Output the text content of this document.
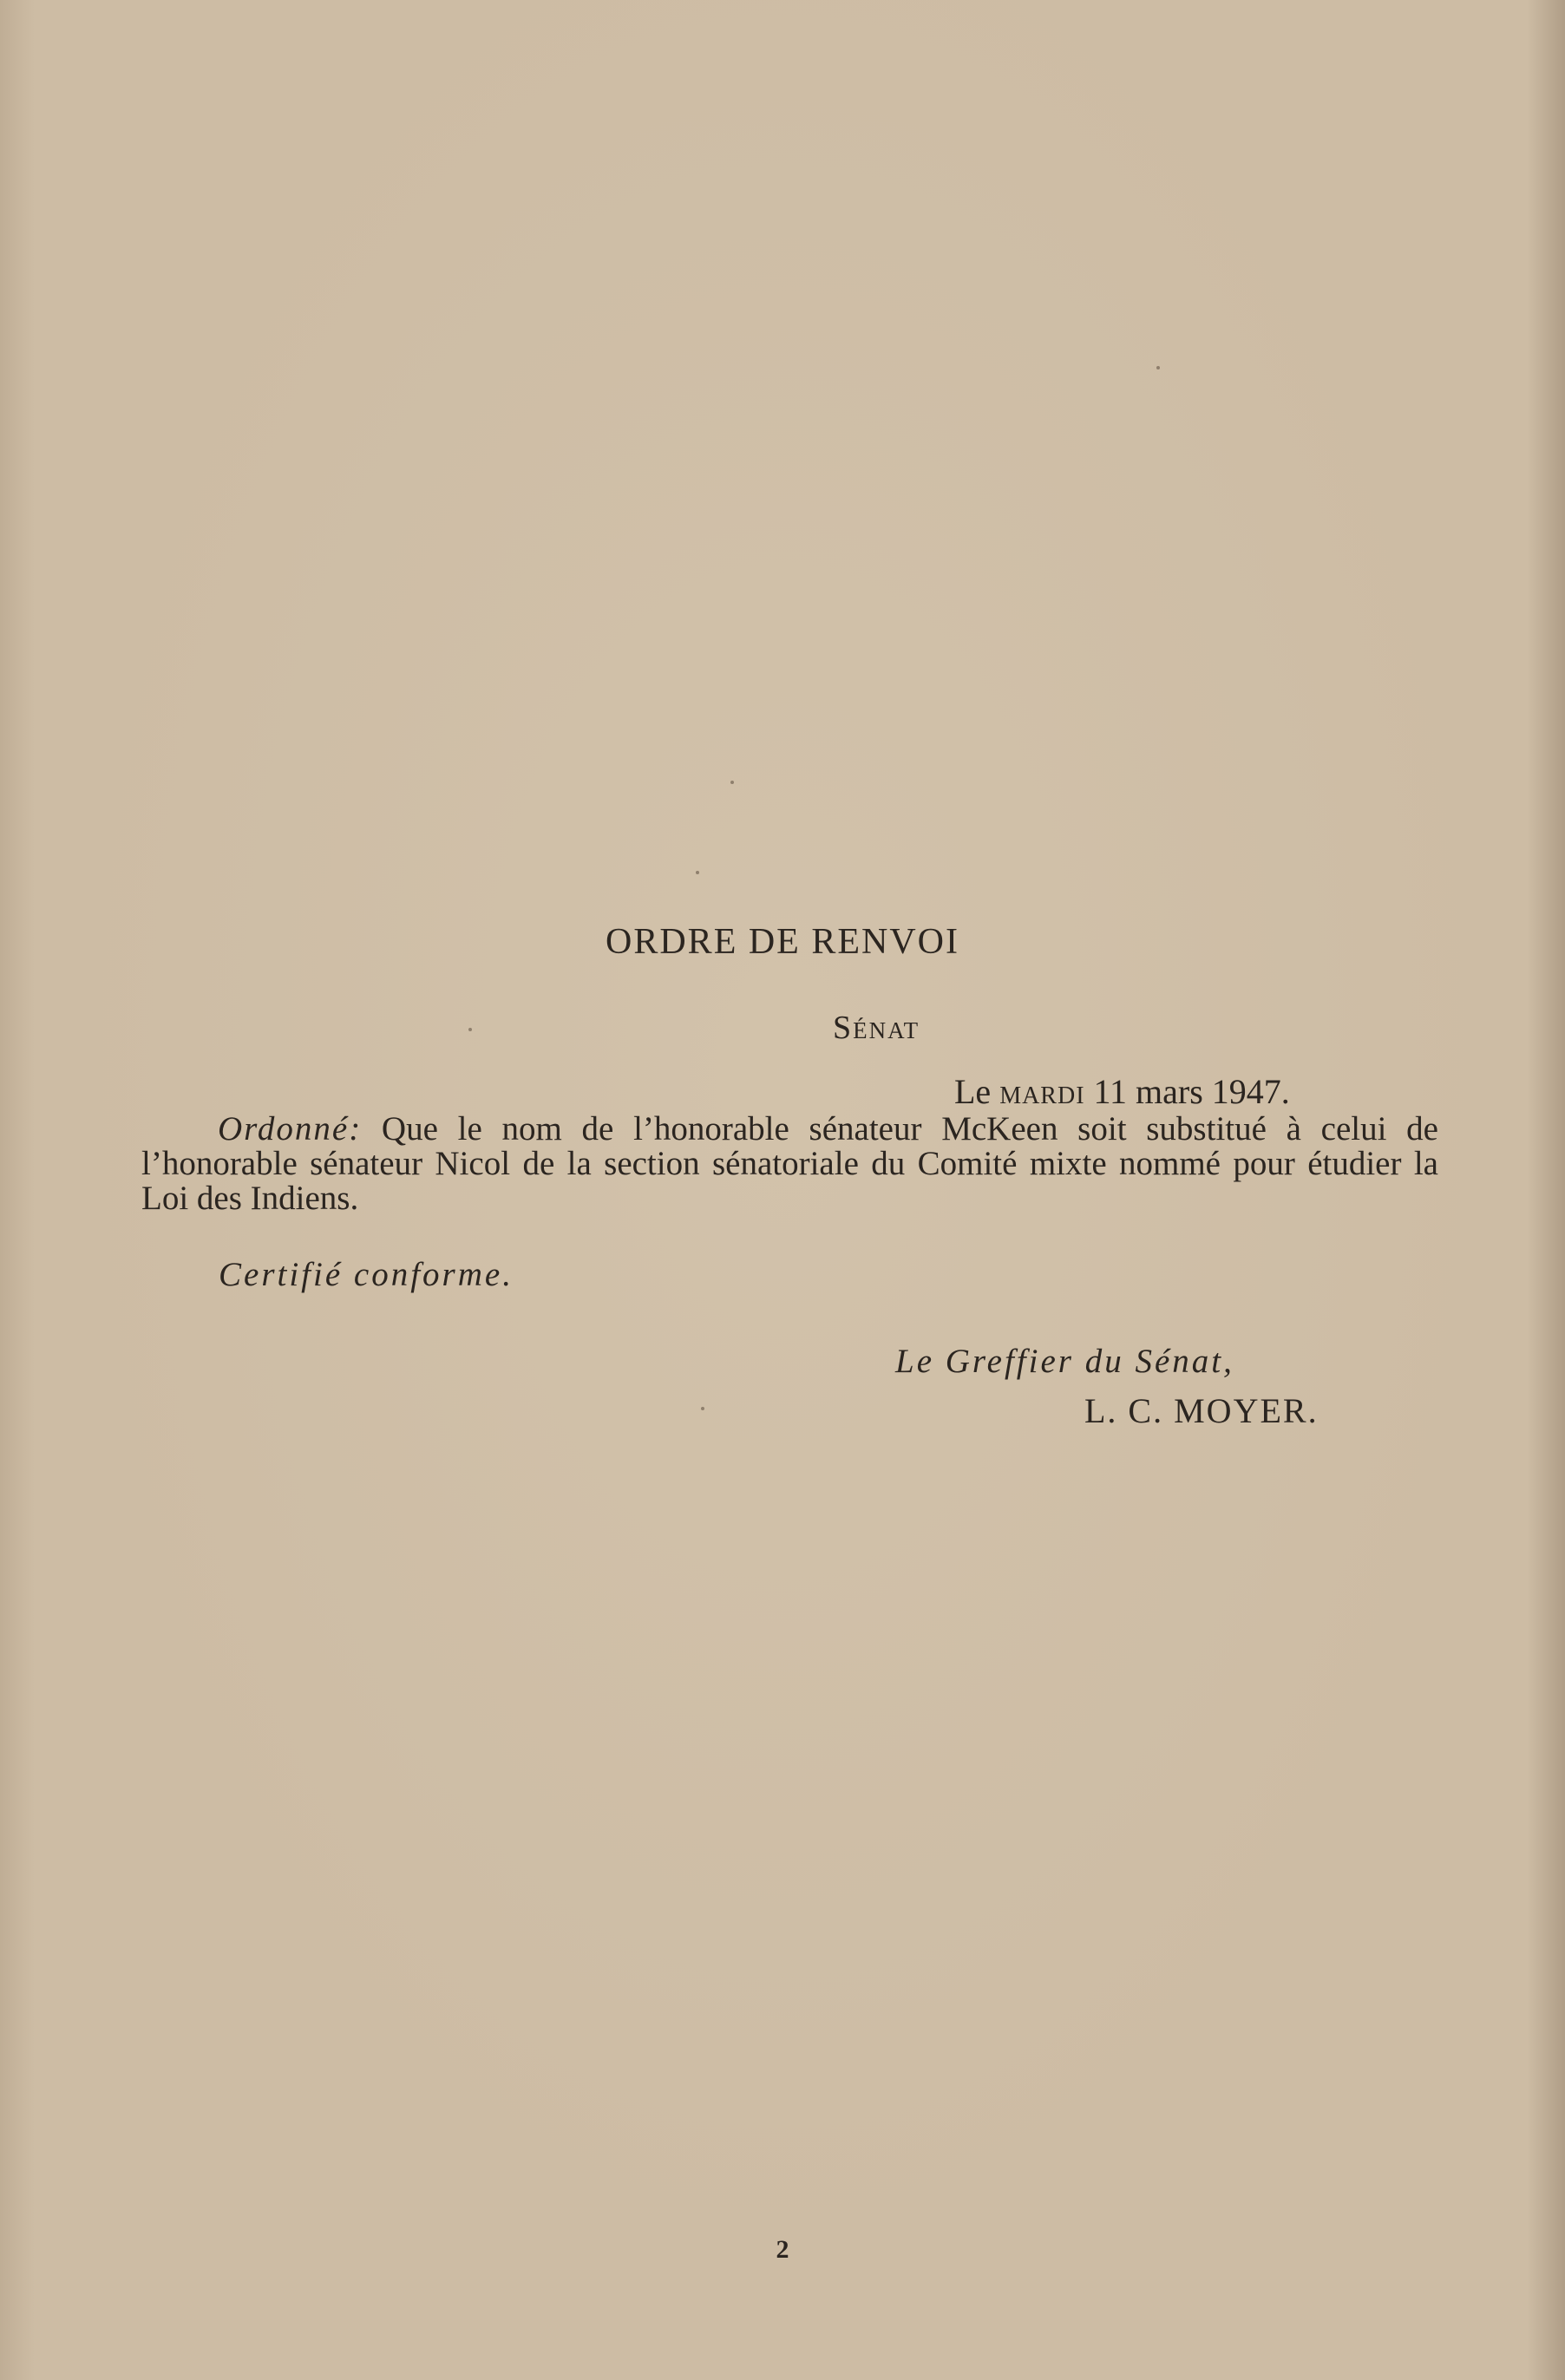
ORDRE DE RENVOI
Sénat
Le mardi 11 mars 1947.
Ordonné: Que le nom de l’honorable sénateur McKeen soit substitué à celui de l’honorable sénateur Nicol de la section sénatoriale du Comité mixte nommé pour étudier la Loi des Indiens.
Certifié conforme.
Le Greffier du Sénat,
L. C. MOYER.
2
